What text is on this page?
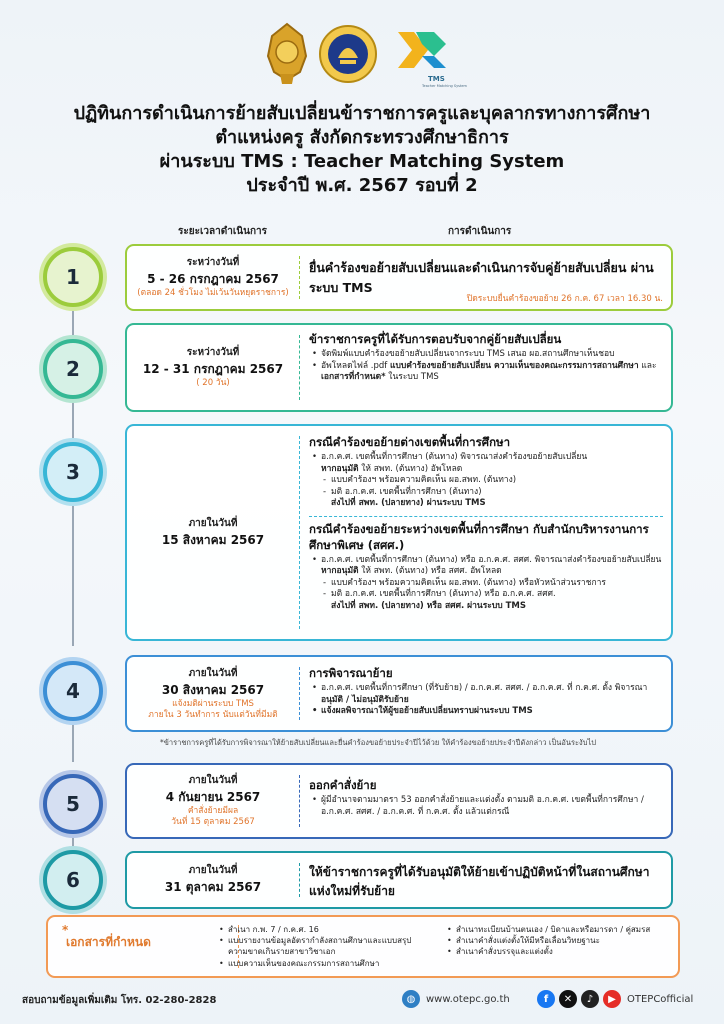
TMS
Teacher Matching System
ปฏิทินการดำเนินการย้ายสับเปลี่ยนข้าราชการครูและบุคลากรทางการศึกษา
ตำแหน่งครู สังกัดกระทรวงศึกษาธิการ
ผ่านระบบ TMS : Teacher Matching System
ประจำปี พ.ศ. 2567 รอบที่ 2
ระยะเวลาดำเนินการ	การดำเนินการ
1
ระหว่างวันที่
5 - 26 กรกฎาคม 2567
(ตลอด 24 ชั่วโมง ไม่เว้นวันหยุดราชการ)
ยื่นคำร้องขอย้ายสับเปลี่ยนและดำเนินการจับคู่ย้ายสับเปลี่ยน ผ่านระบบ TMS
ปิดระบบยื่นคำร้องขอย้าย 26 ก.ค. 67 เวลา 16.30 น.
2
ระหว่างวันที่
12 - 31 กรกฎาคม 2567
( 20 วัน)
ข้าราชการครูที่ได้รับการตอบรับจากคู่ย้ายสับเปลี่ยน
• จัดพิมพ์แบบคำร้องขอย้ายสับเปลี่ยนจากระบบ TMS เสนอ ผอ.สถานศึกษาเห็นชอบ
• อัพโหลดไฟล์ .pdf แบบคำร้องขอย้ายสับเปลี่ยน ความเห็นของคณะกรรมการสถานศึกษา และ เอกสารที่กำหนด* ในระบบ TMS
3
ภายในวันที่
15 สิงหาคม 2567
กรณีคำร้องขอย้ายต่างเขตพื้นที่การศึกษา
• อ.ก.ค.ศ. เขตพื้นที่การศึกษา (ต้นทาง) พิจารณาส่งคำร้องขอย้ายสับเปลี่ยน
หากอนุมัติ ให้ สพท. (ต้นทาง) อัพโหลด
- แบบคำร้องฯ พร้อมความคิดเห็น ผอ.สพท. (ต้นทาง)
- มติ อ.ก.ค.ศ. เขตพื้นที่การศึกษา (ต้นทาง)
ส่งไปที่ สพท. (ปลายทาง) ผ่านระบบ TMS
กรณีคำร้องขอย้ายระหว่างเขตพื้นที่การศึกษา กับสำนักบริหารงานการศึกษาพิเศษ (สศศ.)
• อ.ก.ค.ศ. เขตพื้นที่การศึกษา (ต้นทาง) หรือ อ.ก.ค.ศ. สศศ. พิจารณาส่งคำร้องขอย้ายสับเปลี่ยน หากอนุมัติ ให้ สพท. (ต้นทาง) หรือ สศศ. อัพโหลด
- แบบคำร้องฯ พร้อมความคิดเห็น ผอ.สพท. (ต้นทาง) หรือหัวหน้าส่วนราชการ
- มติ อ.ก.ค.ศ. เขตพื้นที่การศึกษา (ต้นทาง) หรือ อ.ก.ค.ศ. สศศ.
ส่งไปที่ สพท. (ปลายทาง) หรือ สศศ. ผ่านระบบ TMS
4
ภายในวันที่
30 สิงหาคม 2567
แจ้งมติผ่านระบบ TMS
ภายใน 3 วันทำการ นับแต่วันที่มีมติ
การพิจารณาย้าย
• อ.ก.ค.ศ. เขตพื้นที่การศึกษา (ที่รับย้าย) / อ.ก.ค.ศ. สศศ. / อ.ก.ค.ศ. ที่ ก.ค.ศ. ตั้ง พิจารณาอนุมัติ / ไม่อนุมัติรับย้าย
• แจ้งผลพิจารณาให้ผู้ขอย้ายสับเปลี่ยนทราบผ่านระบบ TMS
*ข้าราชการครูที่ได้รับการพิจารณาให้ย้ายสับเปลี่ยนและยื่นคำร้องขอย้ายประจำปีไว้ด้วย ให้คำร้องขอย้ายประจำปีดังกล่าว เป็นอันระงับไป
5
ภายในวันที่
4 กันยายน 2567
คำสั่งย้ายมีผล
วันที่ 15 ตุลาคม 2567
ออกคำสั่งย้าย
• ผู้มีอำนาจตามมาตรา 53 ออกคำสั่งย้ายและแต่งตั้ง ตามมติ อ.ก.ค.ศ. เขตพื้นที่การศึกษา / อ.ก.ค.ศ. สศศ. / อ.ก.ค.ศ. ที่ ก.ค.ศ. ตั้ง แล้วแต่กรณี
6	ภายในวันที่
31 ตุลาคม 2567
ให้ข้าราชการครูที่ได้รับอนุมัติให้ย้ายเข้าปฏิบัติหน้าที่ในสถานศึกษาแห่งใหม่ที่รับย้าย
*
เอกสารที่กำหนด
• สำเนา ก.พ. 7 / ก.ค.ศ. 16
• แบบรายงานข้อมูลอัตรากำลังสถานศึกษาและแบบสรุปความขาดเกินรายสาขาวิชาเอก
• แบบความเห็นของคณะกรรมการสถานศึกษา
• สำเนาทะเบียนบ้านตนเอง / บิดาและหรือมารดา / คู่สมรส
• สำเนาคำสั่งแต่งตั้งให้มีหรือเลื่อนวิทยฐานะ
• สำเนาคำสั่งบรรจุและแต่งตั้ง
สอบถามข้อมูลเพิ่มเติม โทร. 02-280-2828	◍	www.otepc.go.th	f	✕	♪	▶	OTEPCofficial
